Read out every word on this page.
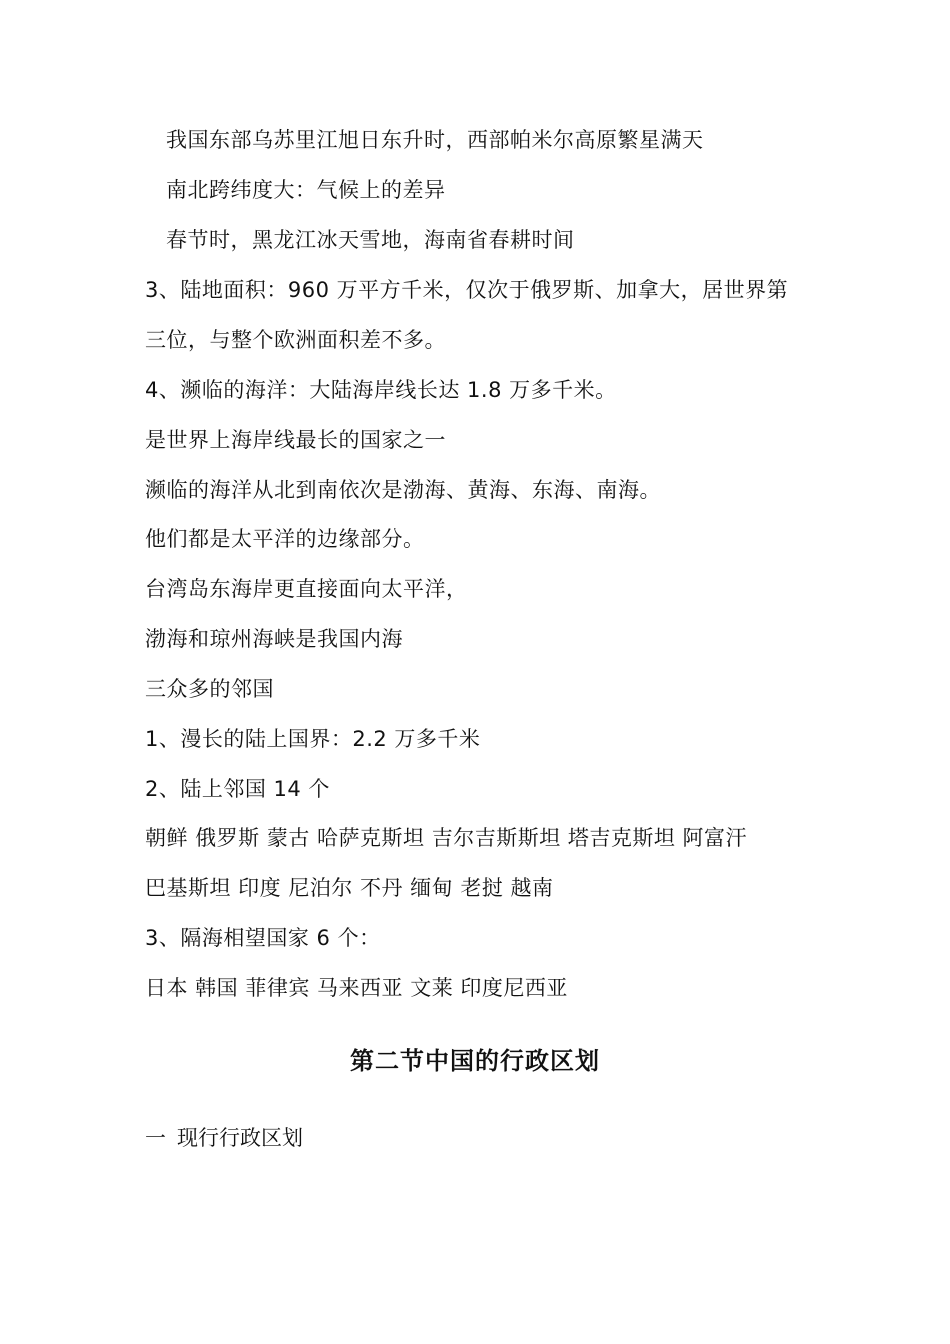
我国东部乌苏里江旭日东升时，西部帕米尔高原繁星满天
南北跨纬度大：气候上的差异
春节时，黑龙江冰天雪地，海南省春耕时间
3、陆地面积：960 万平方千米，仅次于俄罗斯、加拿大，居世界第
三位，与整个欧洲面积差不多。
4、濒临的海洋：大陆海岸线长达 1.8 万多千米。
是世界上海岸线最长的国家之一
濒临的海洋从北到南依次是渤海、黄海、东海、南海。
他们都是太平洋的边缘部分。
台湾岛东海岸更直接面向太平洋，
渤海和琼州海峡是我国内海
三众多的邻国
1、漫长的陆上国界：2.2 万多千米
2、陆上邻国 14 个
朝鲜 俄罗斯 蒙古 哈萨克斯坦 吉尔吉斯斯坦 塔吉克斯坦 阿富汗
巴基斯坦 印度 尼泊尔 不丹 缅甸 老挝 越南
3、隔海相望国家 6 个：
日本 韩国 菲律宾 马来西亚 文莱 印度尼西亚
第二节中国的行政区划
一 现行行政区划
